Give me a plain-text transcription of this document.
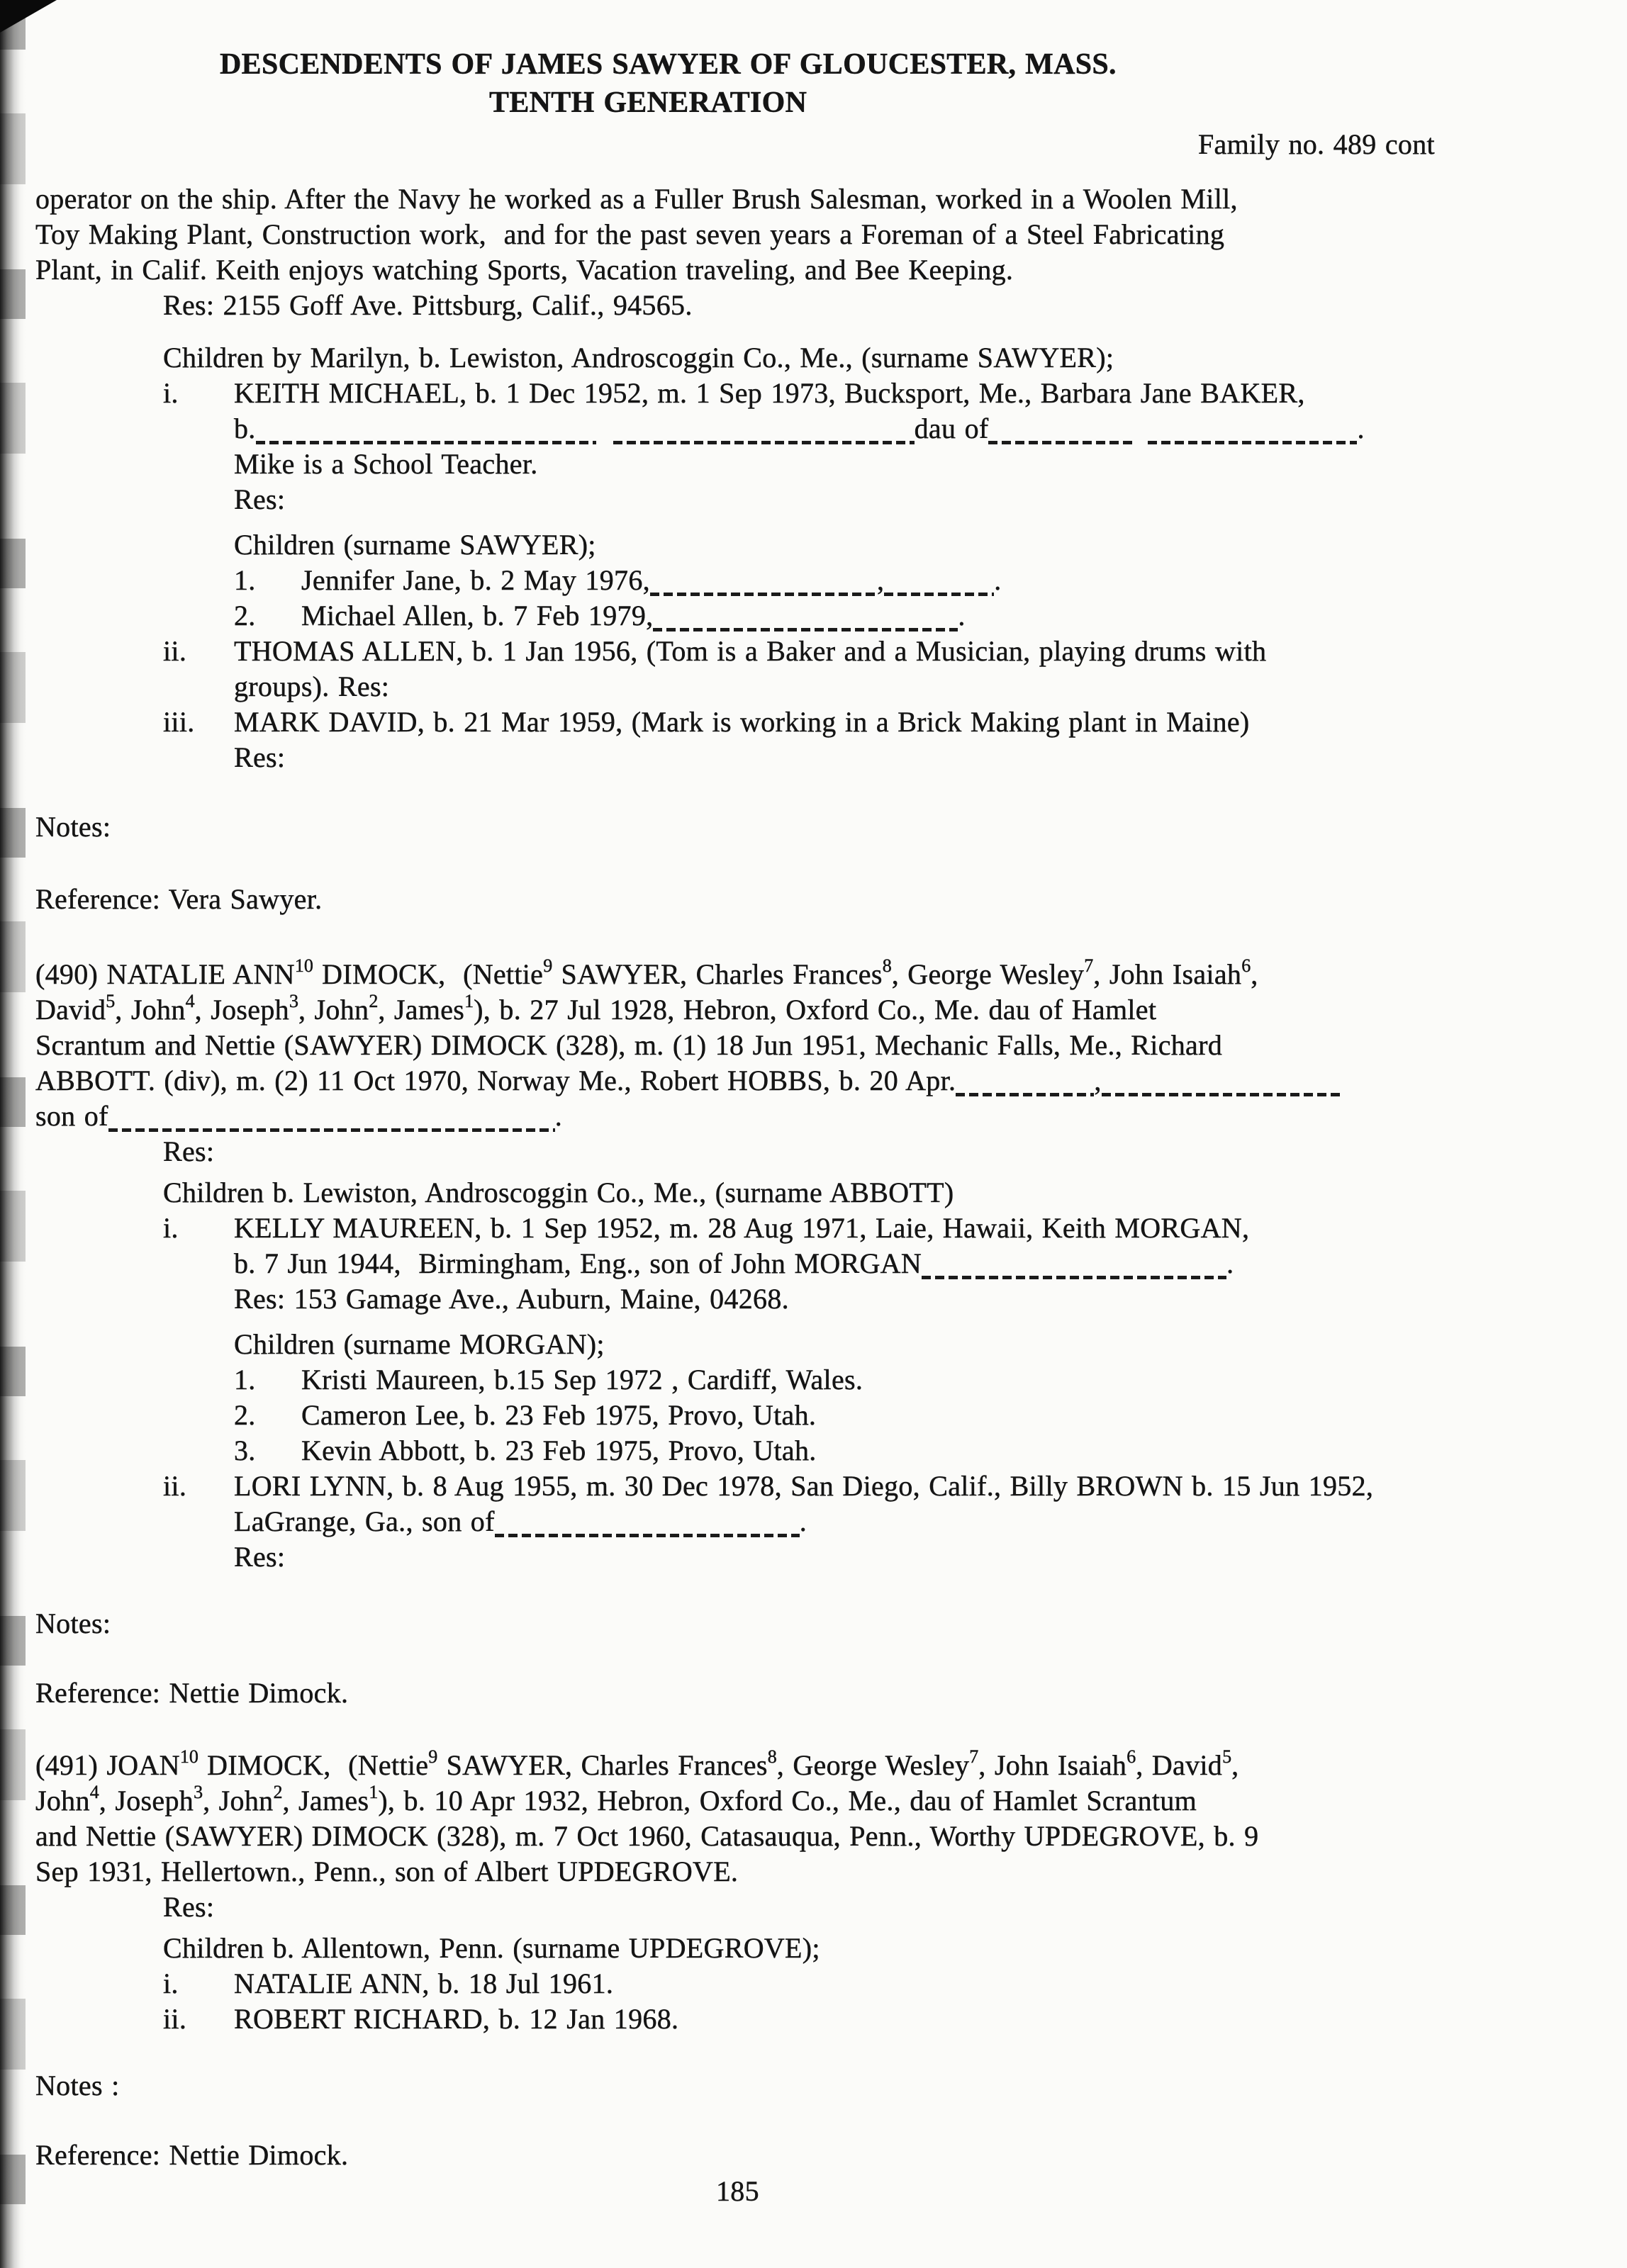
DESCENDENTS OF JAMES SAWYER OF GLOUCESTER, MASS.
TENTH GENERATION
Family no. 489 cont
operator on the ship. After the Navy he worked as a Fuller Brush Salesman, worked in a Woolen Mill,
Toy Making Plant, Construction work,  and for the past seven years a Foreman of a Steel Fabricating
Plant, in Calif. Keith enjoys watching Sports, Vacation traveling, and Bee Keeping.
Res: 2155 Goff Ave. Pittsburg, Calif., 94565.
Children by Marilyn, b. Lewiston, Androscoggin Co., Me., (surname SAWYER);
i. KEITH MICHAEL, b. 1 Dec 1952, m. 1 Sep 1973, Bucksport, Me., Barbara Jane BAKER,
b.	dau of	.
Mike is a School Teacher.
Res:
Children (surname SAWYER);
1. Jennifer Jane, b. 2 May 1976,	,	.
2. Michael Allen, b. 7 Feb 1979,	.
ii. THOMAS ALLEN, b. 1 Jan 1956, (Tom is a Baker and a Musician, playing drums with
groups). Res:
iii. MARK DAVID, b. 21 Mar 1959, (Mark is working in a Brick Making plant in Maine)
Res:
Notes:
Reference: Vera Sawyer.
(490) NATALIE ANN$^{10}$ DIMOCK,  (Nettie$^9$ SAWYER, Charles Frances$^8$, George Wesley$^7$, John Isaiah$^6$,
David$^5$, John$^4$, Joseph$^3$, John$^2$, James$^1$), b. 27 Jul 1928, Hebron, Oxford Co., Me. dau of Hamlet
Scrantum and Nettie (SAWYER) DIMOCK (328), m. (1) 18 Jun 1951, Mechanic Falls, Me., Richard
ABBOTT. (div), m. (2) 11 Oct 1970, Norway Me., Robert HOBBS, b. 20 Apr.	,
son of	.
Res:
Children b. Lewiston, Androscoggin Co., Me., (surname ABBOTT)
i. KELLY MAUREEN, b. 1 Sep 1952, m. 28 Aug 1971, Laie, Hawaii, Keith MORGAN,
b. 7 Jun 1944,  Birmingham, Eng., son of John MORGAN	.
Res: 153 Gamage Ave., Auburn, Maine, 04268.
Children (surname MORGAN);
1. Kristi Maureen, b.15 Sep 1972 , Cardiff, Wales.
2. Cameron Lee, b. 23 Feb 1975, Provo, Utah.
3. Kevin Abbott, b. 23 Feb 1975, Provo, Utah.
ii. LORI LYNN, b. 8 Aug 1955, m. 30 Dec 1978, San Diego, Calif., Billy BROWN b. 15 Jun 1952,
LaGrange, Ga., son of	.
Res:
Notes:
Reference: Nettie Dimock.
(491) JOAN$^{10}$ DIMOCK,  (Nettie$^9$ SAWYER, Charles Frances$^8$, George Wesley$^7$, John Isaiah$^6$, David$^5$,
John$^4$, Joseph$^3$, John$^2$, James$^1$), b. 10 Apr 1932, Hebron, Oxford Co., Me., dau of Hamlet Scrantum
and Nettie (SAWYER) DIMOCK (328), m. 7 Oct 1960, Catasauqua, Penn., Worthy UPDEGROVE, b. 9
Sep 1931, Hellertown., Penn., son of Albert UPDEGROVE.
Res:
Children b. Allentown, Penn. (surname UPDEGROVE);
i. NATALIE ANN, b. 18 Jul 1961.
ii. ROBERT RICHARD, b. 12 Jan 1968.
Notes :
Reference: Nettie Dimock.
185
